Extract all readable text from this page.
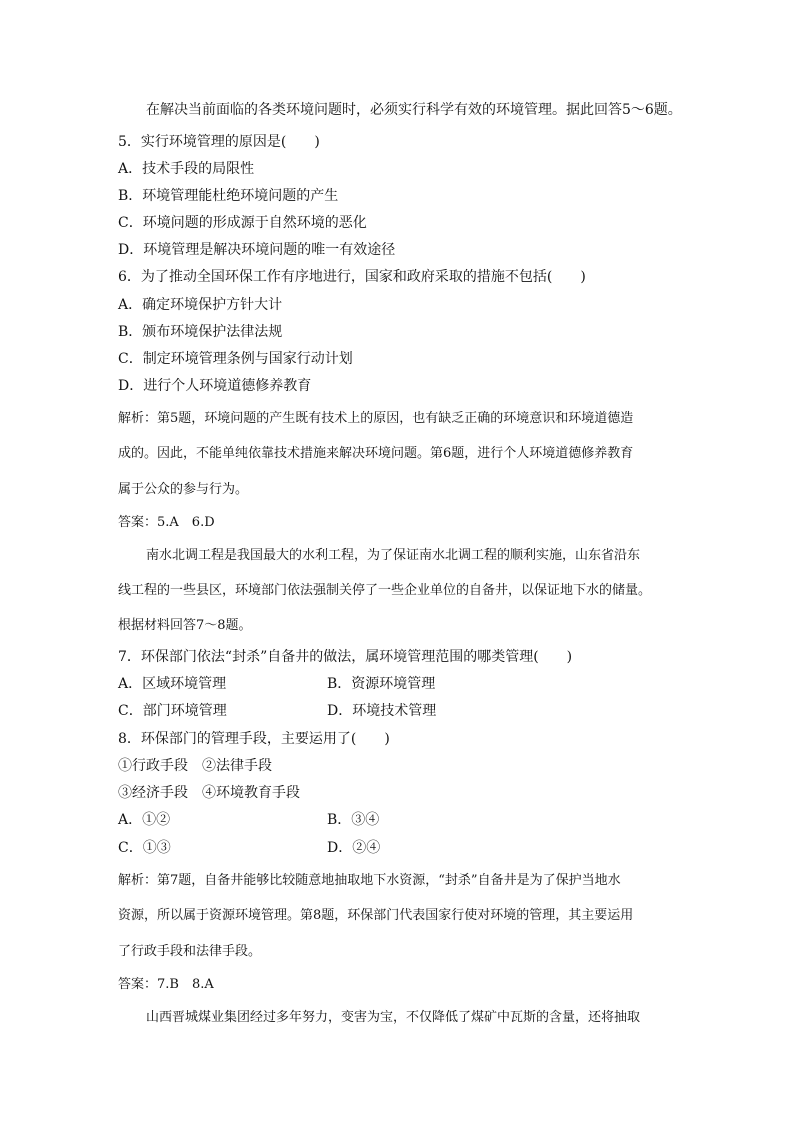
在解决当前面临的各类环境问题时，必须实行科学有效的环境管理。据此回答5～6题。
5．实行环境管理的原因是(　　)
A．技术手段的局限性
B．环境管理能杜绝环境问题的产生
C．环境问题的形成源于自然环境的恶化
D．环境管理是解决环境问题的唯一有效途径
6．为了推动全国环保工作有序地进行，国家和政府采取的措施不包括(　　)
A．确定环境保护方针大计
B．颁布环境保护法律法规
C．制定环境管理条例与国家行动计划
D．进行个人环境道德修养教育
解析：第5题，环境问题的产生既有技术上的原因，也有缺乏正确的环境意识和环境道德造
成的。因此，不能单纯依靠技术措施来解决环境问题。第6题，进行个人环境道德修养教育
属于公众的参与行为。
答案：5.A　6.D
南水北调工程是我国最大的水利工程，为了保证南水北调工程的顺利实施，山东省沿东
线工程的一些县区，环境部门依法强制关停了一些企业单位的自备井，以保证地下水的储量。
根据材料回答7～8题。
7．环保部门依法“封杀”自备井的做法，属环境管理范围的哪类管理(　　)
A．区域环境管理	B．资源环境管理
C．部门环境管理	D．环境技术管理
8．环保部门的管理手段，主要运用了(　　)
①行政手段　②法律手段
③经济手段　④环境教育手段
A．①②	B．③④
C．①③	D．②④
解析：第7题，自备井能够比较随意地抽取地下水资源，“封杀”自备井是为了保护当地水
资源，所以属于资源环境管理。第8题，环保部门代表国家行使对环境的管理，其主要运用
了行政手段和法律手段。
答案：7.B　8.A
山西晋城煤业集团经过多年努力，变害为宝，不仅降低了煤矿中瓦斯的含量，还将抽取
